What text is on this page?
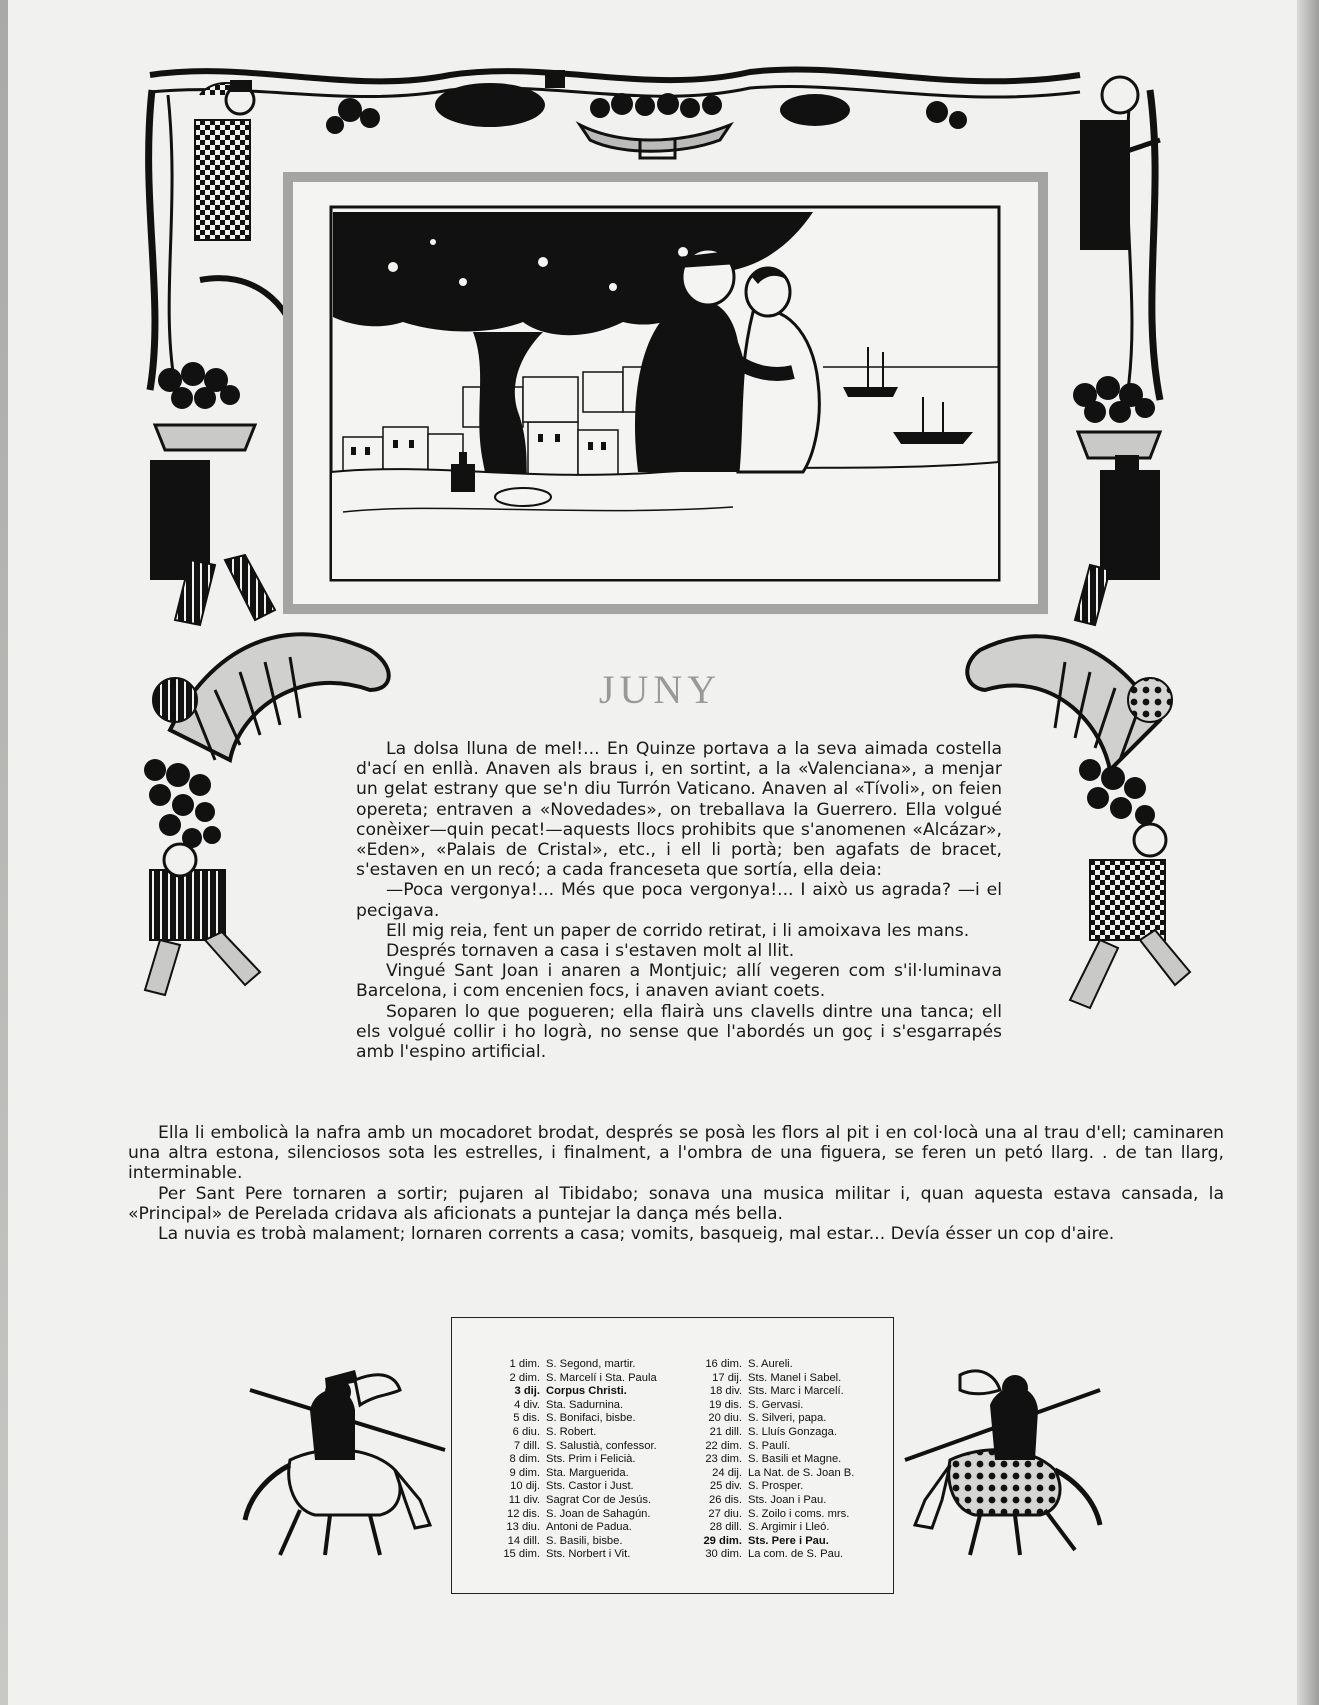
JUNY

La dolsa lluna de mel!... En Quinze portava a la seva aimada costella d'ací en enllà. Anaven als braus i, en sortint, a la «Valenciana», a menjar un gelat estrany que se'n diu Turrón Vaticano. Anaven al «Tívoli», on feien opereta; entraven a «Novedades», on treballava la Guerrero. Ella volgué conèixer—quin pecat!—aquests llocs prohibits que s'anomenen «Alcázar», «Eden», «Palais de Cristal», etc., i ell li portà; ben agafats de bracet, s'estaven en un recó; a cada franceseta que sortía, ella deia:

—Poca vergonya!... Més que poca vergonya!... I això us agrada? —i el pecigava.

Ell mig reia, fent un paper de corrido retirat, i li amoixava les mans.

Després tornaven a casa i s'estaven molt al llit.

Vingué Sant Joan i anaren a Montjuic; allí vegeren com s'il·luminava Barcelona, i com encenien focs, i anaven aviant coets.

Soparen lo que pogueren; ella flairà uns clavells dintre una tanca; ell els volgué collir i ho logrà, no sense que l'abordés un goç i s'esgarrapés amb l'espino artificial.

Ella li embolicà la nafra amb un mocadoret brodat, després se posà les flors al pit i en col·locà una al trau d'ell; caminaren una altra estona, silenciosos sota les estrelles, i finalment, a l'ombra de una figuera, se feren un petó llarg. . de tan llarg, interminable.

Per Sant Pere tornaren a sortir; pujaren al Tibidabo; sonava una musica militar i, quan aquesta estava cansada, la «Principal» de Perelada cridava als aficionats a puntejar la dança més bella.

La nuvia es trobà malament; lornaren corrents a casa; vomits, basqueig, mal estar... Devía ésser un cop d'aire.

1 dim. S. Segond, martir.
2 dim. S. Marcelí i Sta. Paula
3 dij. Corpus Christi.
4 div. Sta. Sadurnina.
5 dis. S. Bonifaci, bisbe.
6 diu. S. Robert.
7 dill. S. Salustià, confessor.
8 dim. Sts. Prim i Felicià.
9 dim. Sta. Marguerida.
10 dij. Sts. Castor i Just.
11 div. Sagrat Cor de Jesús.
12 dis. S. Joan de Sahagún.
13 diu. Antoni de Padua.
14 dill. S. Basili, bisbe.
15 dim. Sts. Norbert i Vit.
16 dim. S. Aureli.
17 dij. Sts. Manel i Sabel.
18 div. Sts. Marc i Marcelí.
19 dis. S. Gervasi.
20 diu. S. Silveri, papa.
21 dill. S. Lluís Gonzaga.
22 dim. S. Paulí.
23 dim. S. Basili et Magne.
24 dij. La Nat. de S. Joan B.
25 div. S. Prosper.
26 dis. Sts. Joan i Pau.
27 diu. S. Zoilo i coms. mrs.
28 dill. S. Argimir i Lleó.
29 dim. Sts. Pere i Pau.
30 dim. La com. de S. Pau.
